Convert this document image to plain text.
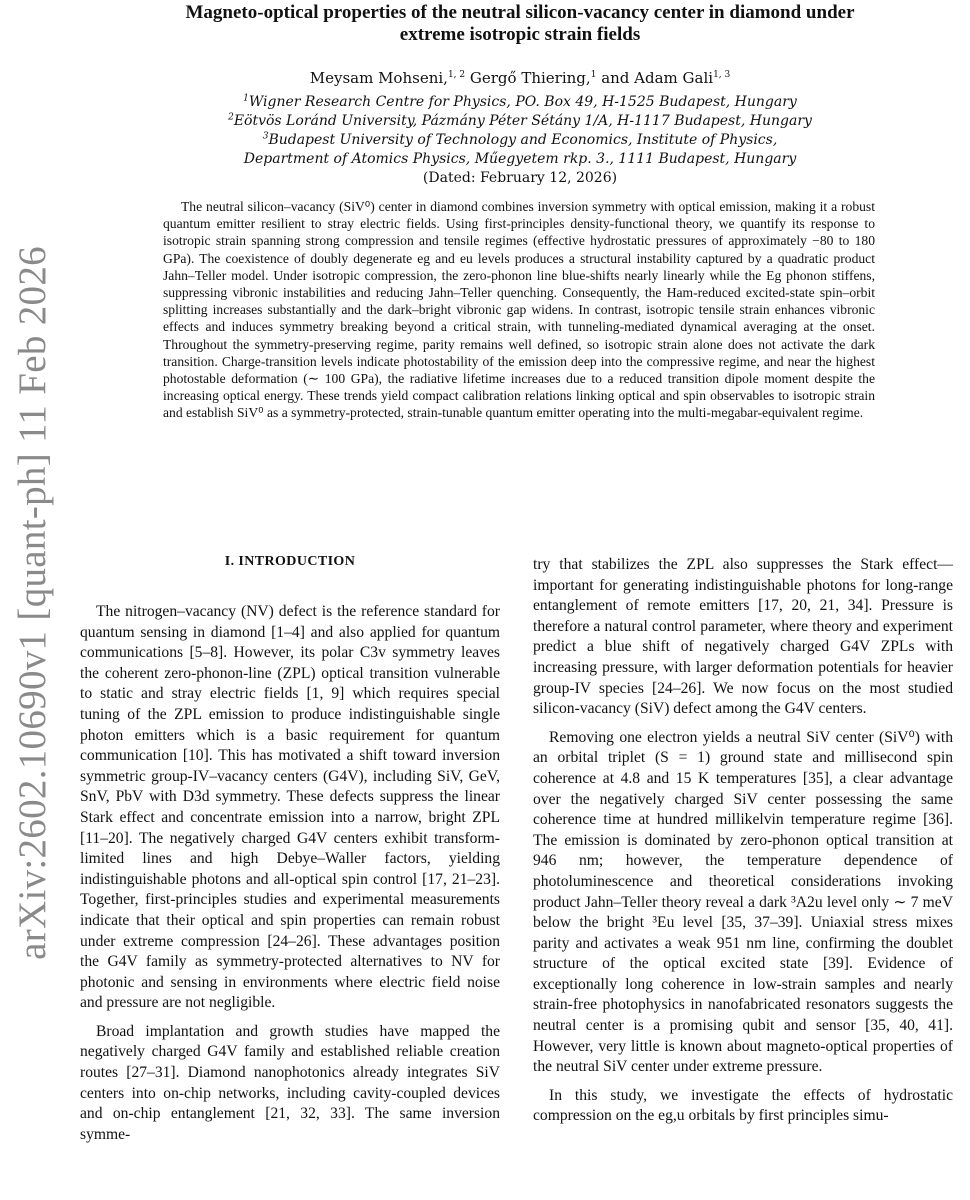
arXiv:2602.10690v1 [quant-ph] 11 Feb 2026
Magneto-optical properties of the neutral silicon-vacancy center in diamond under
extreme isotropic strain fields
Meysam Mohseni,$^{1, 2}$ Gergő Thiering,$^1$ and Adam Gali$^{1, 3}$
$^1$Wigner Research Centre for Physics, PO. Box 49, H-1525 Budapest, Hungary
$^2$Eötvös Loránd University, Pázmány Péter Sétány 1/A, H-1117 Budapest, Hungary
$^3$Budapest University of Technology and Economics, Institute of Physics,
Department of Atomics Physics, Műegyetem rkp. 3., 1111 Budapest, Hungary
(Dated: February 12, 2026)

The neutral silicon–vacancy (SiV⁰) center in diamond combines inversion symmetry with optical emission, making it a robust quantum emitter resilient to stray electric fields. Using first-principles density-functional theory, we quantify its response to isotropic strain spanning strong compression and tensile regimes (effective hydrostatic pressures of approximately −80 to 180 GPa). The coexistence of doubly degenerate eg and eu levels produces a structural instability captured by a quadratic product Jahn–Teller model. Under isotropic compression, the zero-phonon line blue-shifts nearly linearly while the Eg phonon stiffens, suppressing vibronic instabilities and reducing Jahn–Teller quenching. Consequently, the Ham-reduced excited-state spin–orbit splitting increases substantially and the dark–bright vibronic gap widens. In contrast, isotropic tensile strain enhances vibronic effects and induces symmetry breaking beyond a critical strain, with tunneling-mediated dynamical averaging at the onset. Throughout the symmetry-preserving regime, parity remains well defined, so isotropic strain alone does not activate the dark transition. Charge-transition levels indicate photostability of the emission deep into the compressive regime, and near the highest photostable deformation (∼ 100 GPa), the radiative lifetime increases due to a reduced transition dipole moment despite the increasing optical energy. These trends yield compact calibration relations linking optical and spin observables to isotropic strain and establish SiV⁰ as a symmetry-protected, strain-tunable quantum emitter operating into the multi-megabar-equivalent regime.

I. INTRODUCTION

The nitrogen–vacancy (NV) defect is the reference standard for quantum sensing in diamond [1–4] and also applied for quantum communications [5–8]. However, its polar C3v symmetry leaves the coherent zero-phonon-line (ZPL) optical transition vulnerable to static and stray electric fields [1, 9] which requires special tuning of the ZPL emission to produce indistinguishable single photon emitters which is a basic requirement for quantum communication [10]. This has motivated a shift toward inversion symmetric group-IV–vacancy centers (G4V), including SiV, GeV, SnV, PbV with D3d symmetry. These defects suppress the linear Stark effect and concentrate emission into a narrow, bright ZPL [11–20]. The negatively charged G4V centers exhibit transform-limited lines and high Debye–Waller factors, yielding indistinguishable photons and all-optical spin control [17, 21–23]. Together, first-principles studies and experimental measurements indicate that their optical and spin properties can remain robust under extreme compression [24–26]. These advantages position the G4V family as symmetry-protected alternatives to NV for photonic and sensing in environments where electric field noise and pressure are not negligible.

Broad implantation and growth studies have mapped the negatively charged G4V family and established reliable creation routes [27–31]. Diamond nanophotonics already integrates SiV centers into on-chip networks, including cavity-coupled devices and on-chip entanglement [21, 32, 33]. The same inversion symme-

try that stabilizes the ZPL also suppresses the Stark effect—important for generating indistinguishable photons for long-range entanglement of remote emitters [17, 20, 21, 34]. Pressure is therefore a natural control parameter, where theory and experiment predict a blue shift of negatively charged G4V ZPLs with increasing pressure, with larger deformation potentials for heavier group-IV species [24–26]. We now focus on the most studied silicon-vacancy (SiV) defect among the G4V centers.

Removing one electron yields a neutral SiV center (SiV⁰) with an orbital triplet (S = 1) ground state and millisecond spin coherence at 4.8 and 15 K temperatures [35], a clear advantage over the negatively charged SiV center possessing the same coherence time at hundred millikelvin temperature regime [36]. The emission is dominated by zero-phonon optical transition at 946 nm; however, the temperature dependence of photoluminescence and theoretical considerations invoking product Jahn–Teller theory reveal a dark ³A2u level only ∼ 7 meV below the bright ³Eu level [35, 37–39]. Uniaxial stress mixes parity and activates a weak 951 nm line, confirming the doublet structure of the optical excited state [39]. Evidence of exceptionally long coherence in low-strain samples and nearly strain-free photophysics in nanofabricated resonators suggests the neutral center is a promising qubit and sensor [35, 40, 41]. However, very little is known about magneto-optical properties of the neutral SiV center under extreme pressure.

In this study, we investigate the effects of hydrostatic compression on the eg,u orbitals by first principles simu-
